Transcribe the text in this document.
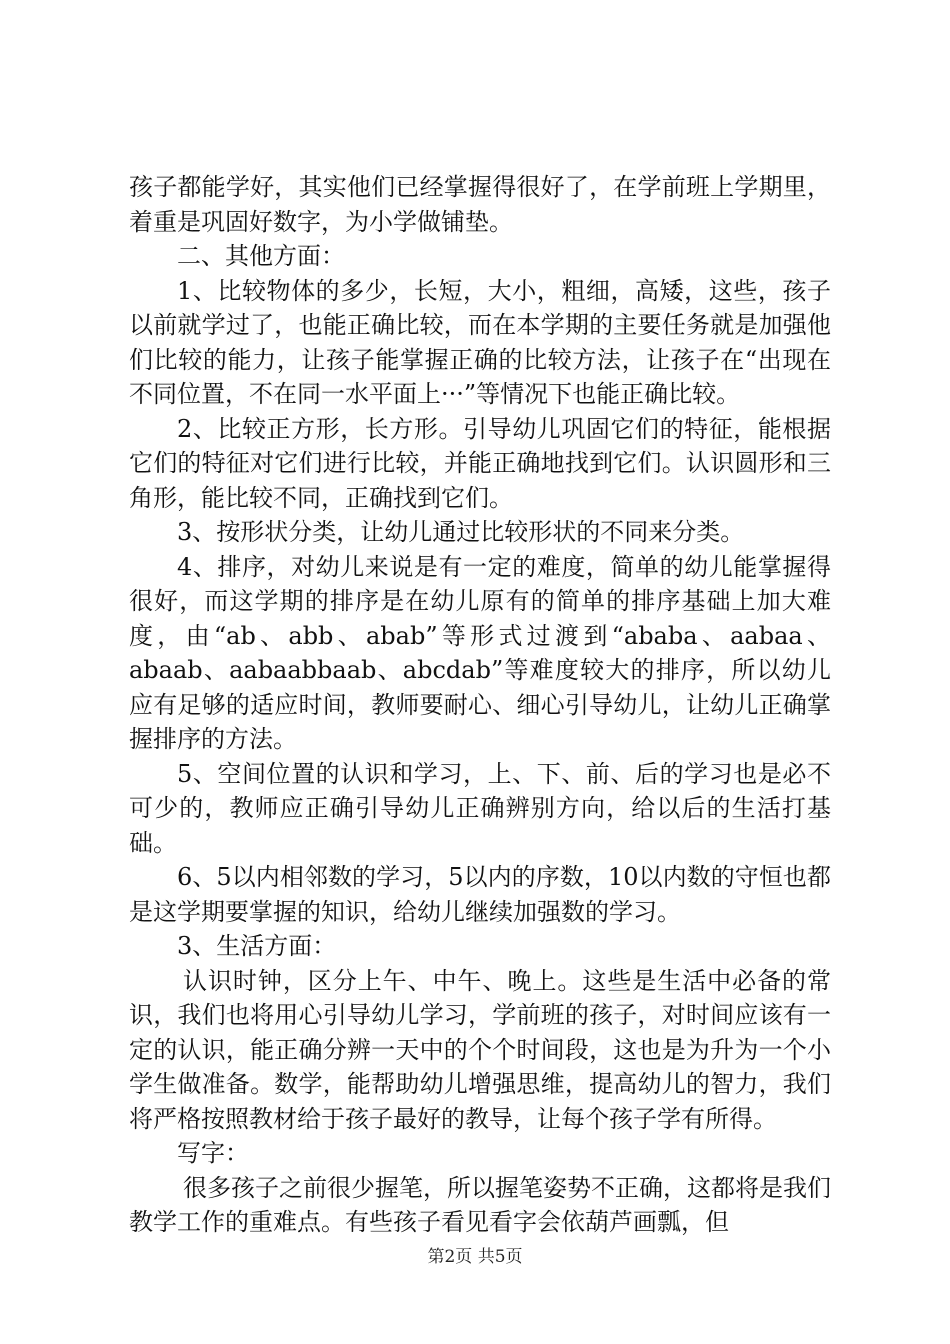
孩子都能学好，其实他们已经掌握得很好了，在学前班上学期里，着重是巩固好数字，为小学做铺垫。

二、其他方面：

1、比较物体的多少，长短，大小，粗细，高矮，这些，孩子以前就学过了，也能正确比较，而在本学期的主要任务就是加强他们比较的能力，让孩子能掌握正确的比较方法，让孩子在“出现在不同位置，不在同一水平面上···”等情况下也能正确比较。

2、比较正方形，长方形。引导幼儿巩固它们的特征，能根据它们的特征对它们进行比较，并能正确地找到它们。认识圆形和三角形，能比较不同，正确找到它们。

3、按形状分类，让幼儿通过比较形状的不同来分类。

4、排序，对幼儿来说是有一定的难度，简单的幼儿能掌握得很好，而这学期的排序是在幼儿原有的简单的排序基础上加大难度，由“ab、abb、abab”等形式过渡到“ababa、aabaa、abaab、aabaabbaab、abcdab”等难度较大的排序，所以幼儿应有足够的适应时间，教师要耐心、细心引导幼儿，让幼儿正确掌握排序的方法。

5、空间位置的认识和学习，上、下、前、后的学习也是必不可少的，教师应正确引导幼儿正确辨别方向，给以后的生活打基础。

6、5以内相邻数的学习，5以内的序数，10以内数的守恒也都是这学期要掌握的知识，给幼儿继续加强数的学习。

3、生活方面：

认识时钟，区分上午、中午、晚上。这些是生活中必备的常识，我们也将用心引导幼儿学习，学前班的孩子，对时间应该有一定的认识，能正确分辨一天中的个个时间段，这也是为升为一个小学生做准备。数学，能帮助幼儿增强思维，提高幼儿的智力，我们将严格按照教材给于孩子最好的教导，让每个孩子学有所得。

写字：

很多孩子之前很少握笔，所以握笔姿势不正确，这都将是我们教学工作的重难点。有些孩子看见看字会依葫芦画瓢，但

第2页 共5页
